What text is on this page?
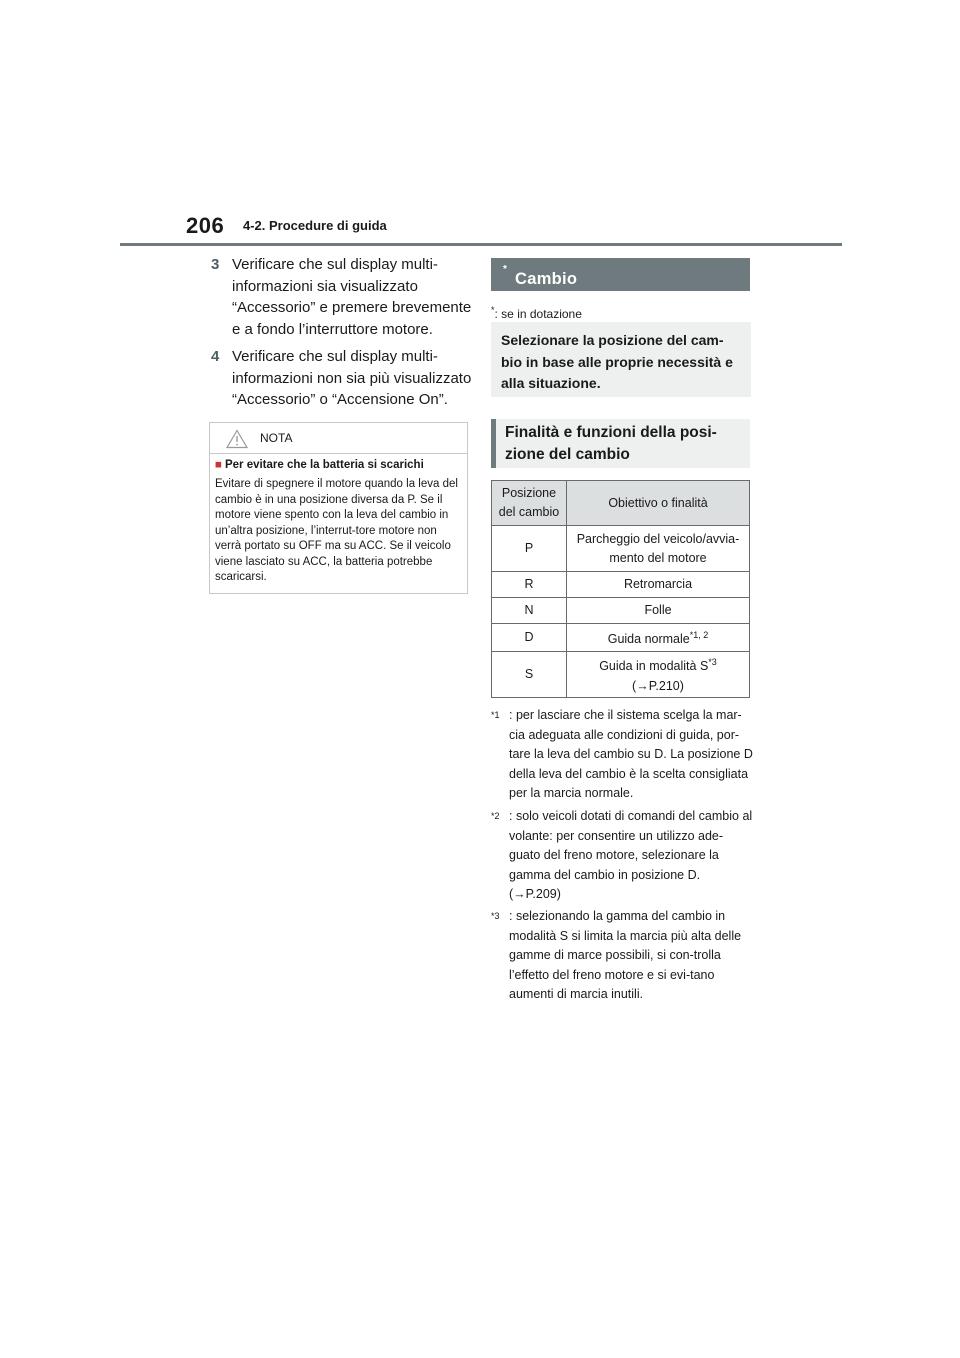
206 4-2. Procedure di guida
3 Verificare che sul display multi-informazioni sia visualizzato “Accessorio” e premere brevemente e a fondo l’interruttore motore.
4 Verificare che sul display multi-informazioni non sia più visualizzato “Accessorio” o “Accensione On”.
NOTA
■ Per evitare che la batteria si scarichi
Evitare di spegnere il motore quando la leva del cambio è in una posizione diversa da P. Se il motore viene spento con la leva del cambio in un’altra posizione, l’interrut-tore motore non verrà portato su OFF ma su ACC. Se il veicolo viene lasciato su ACC, la batteria potrebbe scaricarsi.
Cambio automatico
*
*: se in dotazione
Selezionare la posizione del cam-bio in base alle proprie necessità e alla situazione.
Finalità e funzioni della posi-zione del cambio
Posizione del cambio	Obiettivo o finalità
P	Parcheggio del veicolo/avvia-mento del motore
R	Retromarcia
N	Folle
D	Guida normale$^{*1, 2}$
S	Guida in modalità $S^{*3}$
(→P.210)
$^{*1}$ : per lasciare che il sistema scelga la mar-cia adeguata alle condizioni di guida, por-tare la leva del cambio su D. La posizione D della leva del cambio è la scelta consigliata per la marcia normale.
$^{*2}$ : solo veicoli dotati di comandi del cambio al volante: per consentire un utilizzo ade-guato del freno motore, selezionare la gamma del cambio in posizione D. (→P.209)
$^{*3}$ : selezionando la gamma del cambio in modalità S si limita la marcia più alta delle gamme di marce possibili, si con-trolla l’effetto del freno motore e si evi-tano aumenti di marcia inutili.
